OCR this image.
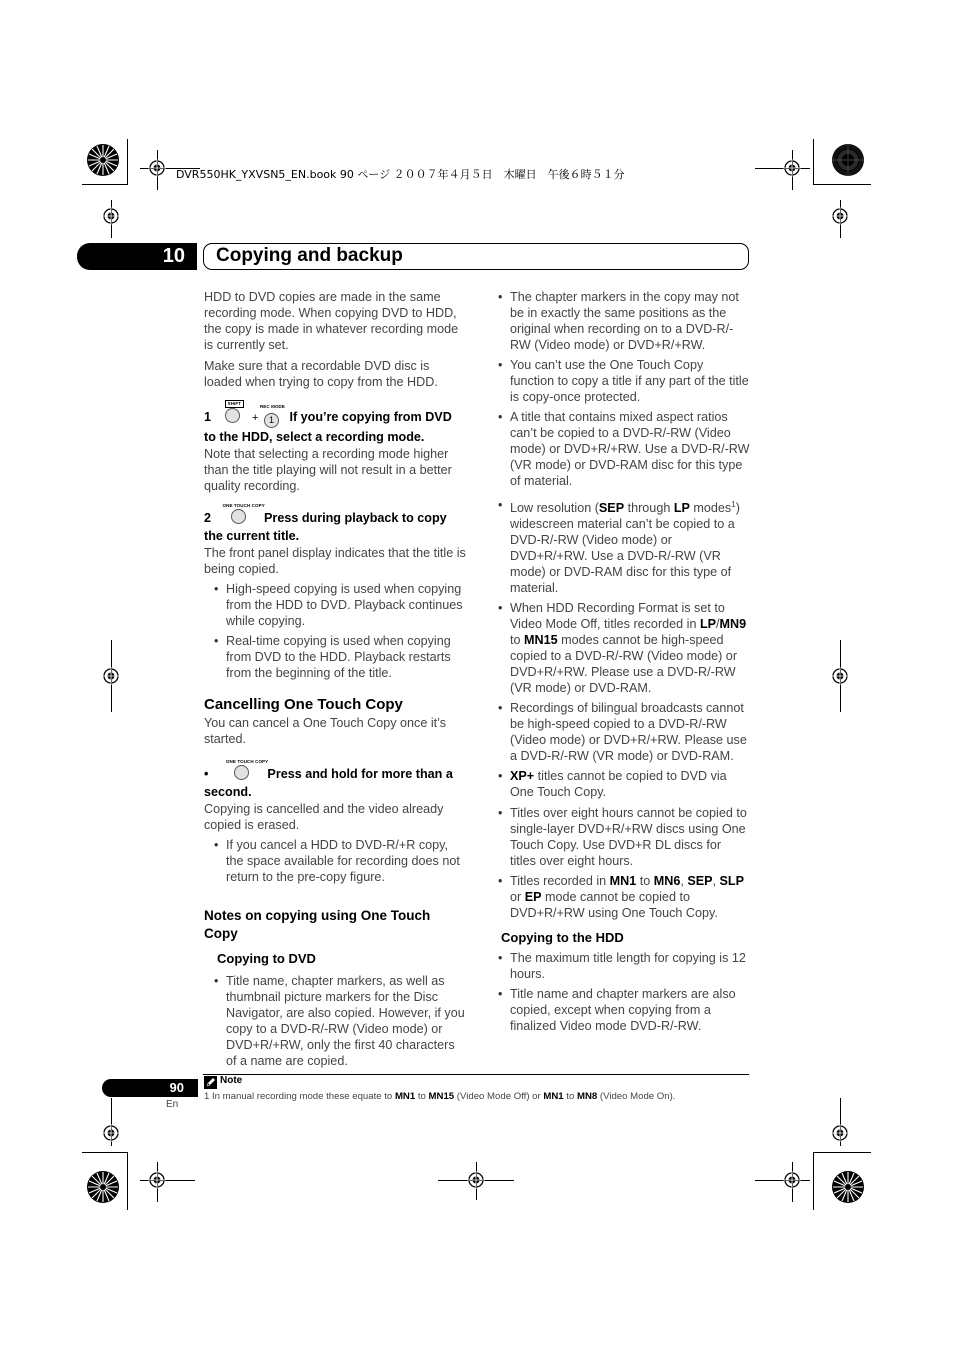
DVR550HK_YXVSN5_EN.book 90 ページ ２００７年４月５日　木曜日　午後６時５１分
10	Copying and backup

HDD to DVD copies are made in the same recording mode. When copying DVD to HDD, the copy is made in whatever recording mode is currently set.

Make sure that a recordable DVD disc is loaded when trying to copy from the HDD.

1
SHIFT
+
REC MODE
1 If you’re copying from DVD to the HDD, select a recording mode.

Note that selecting a recording mode higher than the title playing will not result in a better quality recording.

2
ONE TOUCH COPY
Press during playback to copy the current title.

The front panel display indicates that the title is being copied.

• High-speed copying is used when copying from the HDD to DVD. Playback continues while copying.

• Real-time copying is used when copying from DVD to the HDD. Playback restarts from the beginning of the title.

Cancelling One Touch Copy

You can cancel a One Touch Copy once it’s started.

•
ONE TOUCH COPY
Press and hold for more than a second.

Copying is cancelled and the video already copied is erased.

• If you cancel a HDD to DVD-R/+R copy, the space available for recording does not return to the pre-copy figure.

Notes on copying using One Touch Copy
Copying to DVD

• Title name, chapter markers, as well as thumbnail picture markers for the Disc Navigator, are also copied. However, if you copy to a DVD-R/-RW (Video mode) or DVD+R/+RW, only the first 40 characters of a name are copied.

• The chapter markers in the copy may not be in exactly the same positions as the original when recording on to a DVD-R/-RW (Video mode) or DVD+R/+RW.

• You can’t use the One Touch Copy function to copy a title if any part of the title is copy-once protected.

• A title that contains mixed aspect ratios can’t be copied to a DVD-R/-RW (Video mode) or DVD+R/+RW. Use a DVD-R/-RW (VR mode) or DVD-RAM disc for this type of material.

• Low resolution (SEP through LP modes$^1$) widescreen material can’t be copied to a DVD-R/-RW (Video mode) or DVD+R/+RW. Use a DVD-R/-RW (VR mode) or DVD-RAM disc for this type of material.

• When HDD Recording Format is set to Video Mode Off, titles recorded in LP/MN9 to MN15 modes cannot be high-speed copied to a DVD-R/-RW (Video mode) or DVD+R/+RW. Please use a DVD-R/-RW (VR mode) or DVD-RAM.

• Recordings of bilingual broadcasts cannot be high-speed copied to a DVD-R/-RW (Video mode) or DVD+R/+RW. Please use a DVD-R/-RW (VR mode) or DVD-RAM.

• XP+ titles cannot be copied to DVD via One Touch Copy.

• Titles over eight hours cannot be copied to single-layer DVD+R/+RW discs using One Touch Copy. Use DVD+R DL discs for titles over eight hours.

• Titles recorded in MN1 to MN6, SEP, SLP
or EP mode cannot be copied to DVD+R/+RW using One Touch Copy.

Copying to the HDD

• The maximum title length for copying is 12 hours.

• Title name and chapter markers are also copied, except when copying from a finalized Video mode DVD-R/-RW.

90
En
Note
1 In manual recording mode these equate to MN1 to MN15 (Video Mode Off) or MN1 to MN8 (Video Mode On).
